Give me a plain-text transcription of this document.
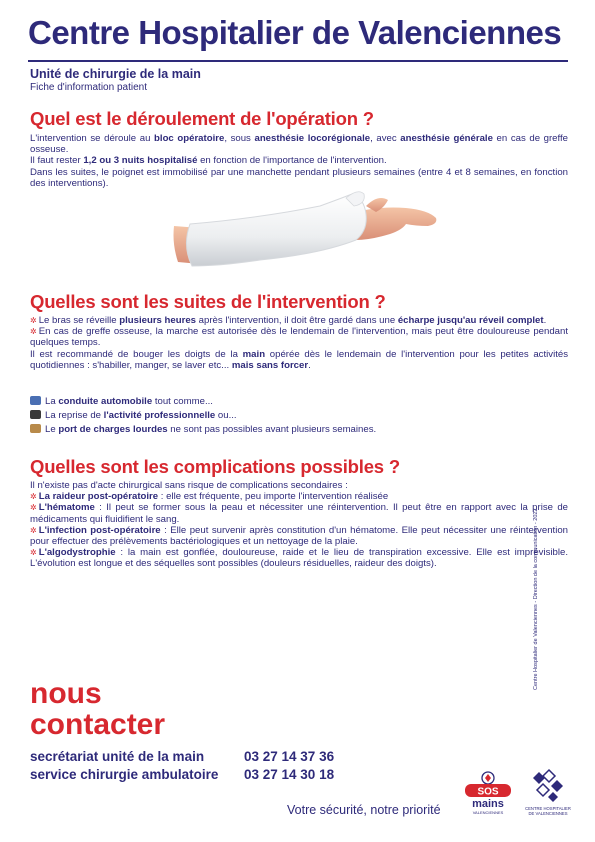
Centre Hospitalier de Valenciennes
Unité de chirurgie de la main
Fiche d'information patient
Quel est le déroulement de l'opération ?
L'intervention se déroule au bloc opératoire, sous anesthésie locorégionale, avec anesthésie générale en cas de greffe osseuse.
Il faut rester 1,2 ou 3 nuits hospitalisé en fonction de l'importance de l'intervention.
Dans les suites, le poignet est immobilisé par une manchette pendant plusieurs semaines (entre 4 et 8 semaines, en fonction des interventions).
Quelles sont les suites de l'intervention ?
✲ Le bras se réveille plusieurs heures après l'intervention, il doit être gardé dans une écharpe jusqu'au réveil complet.
✲ En cas de greffe osseuse, la marche est autorisée dès le lendemain de l'intervention, mais peut être douloureuse pendant quelques temps.
Il est recommandé de bouger les doigts de la main opérée dès le lendemain de l'intervention pour les petites activités quotidiennes : s'habiller, manger, se laver etc... mais sans forcer.
La conduite automobile tout comme...
La reprise de l'activité professionnelle ou...
Le port de charges lourdes ne sont pas possibles avant plusieurs semaines.
Quelles sont les complications possibles ?
Il n'existe pas d'acte chirurgical sans risque de complications secondaires :
✲ La raideur post-opératoire : elle est fréquente, peu importe l'intervention réalisée
✲ L'hématome : Il peut se former sous la peau et nécessiter une réintervention. Il peut être en rapport avec la prise de médicaments qui fluidifient le sang.
✲ L'infection post-opératoire : Elle peut survenir après constitution d'un hématome. Elle peut nécessiter une réintervention pour effectuer des prélèvements bactériologiques et un nettoyage de la plaie.
✲ L'algodystrophie : la main est gonflée, douloureuse, raide et le lieu de transpiration excessive. Elle est imprévisible. L'évolution est longue et des séquelles sont possibles (douleurs résiduelles, raideur des doigts).
nous
contacter
secrétariat unité de la main	03 27 14 37 36
service chirurgie ambulatoire 03 27 14 30 18
Votre sécurité, notre priorité
Centre Hospitalier de Valenciennes - Direction de la communication - 2022
SOS
mains
VALENCIENNES
CENTRE HOSPITALIER
DE VALENCIENNES
